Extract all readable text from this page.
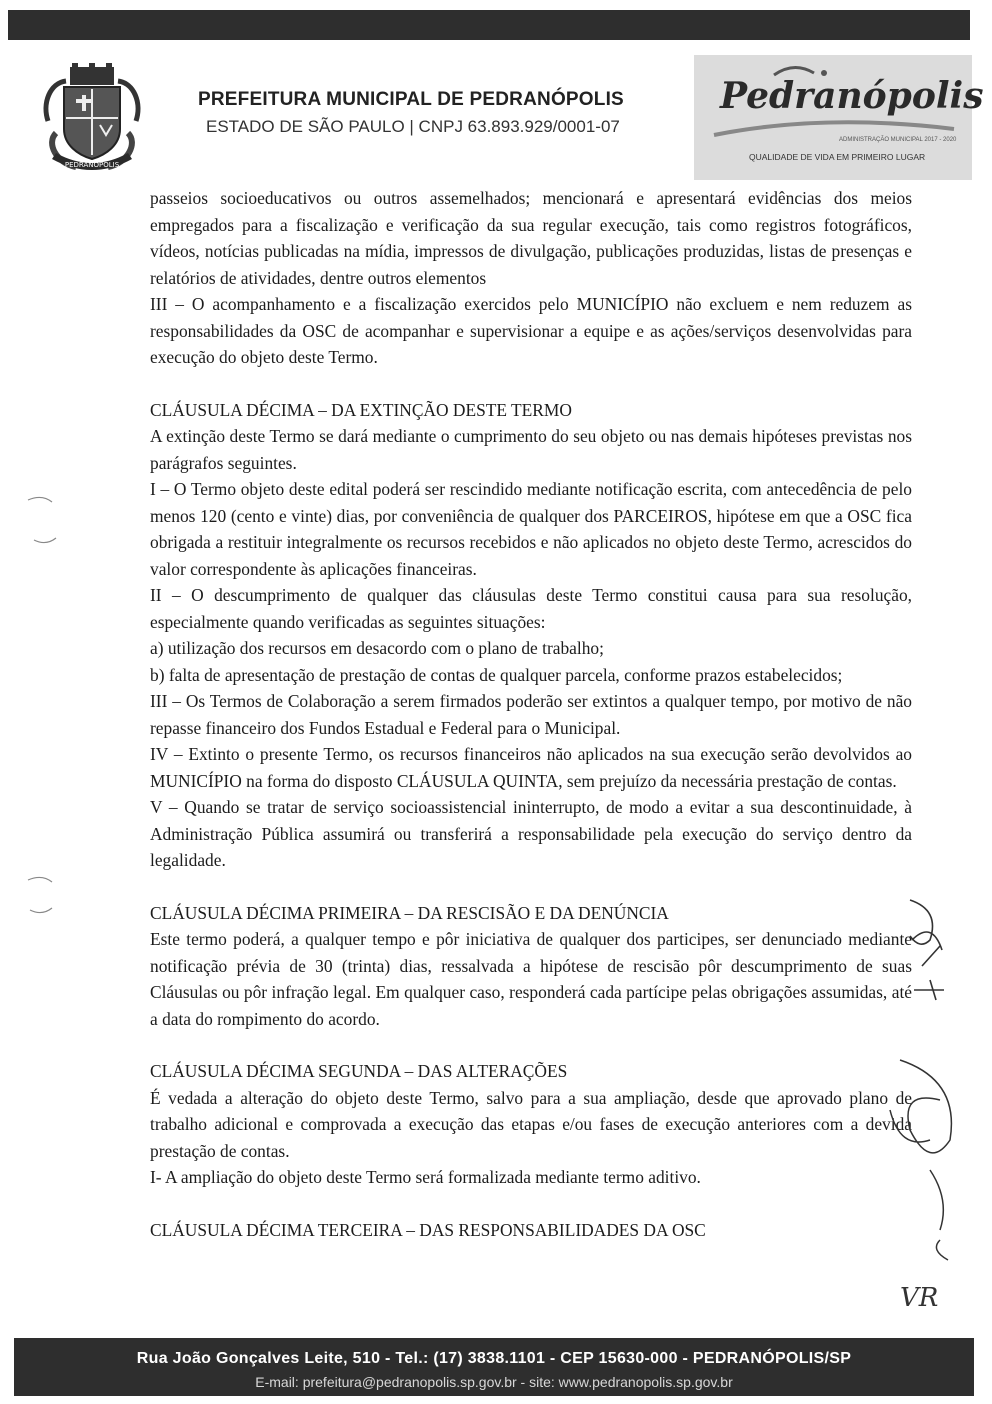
PEDRANÓPOLIS
PREFEITURA MUNICIPAL DE PEDRANÓPOLIS
ESTADO DE SÃO PAULO | CNPJ 63.893.929/0001-07
Pedranópolis
ADMINISTRAÇÃO MUNICIPAL 2017 - 2020
QUALIDADE DE VIDA EM PRIMEIRO LUGAR

passeios socioeducativos ou outros assemelhados; mencionará e apresentará evidências dos meios empregados para a fiscalização e verificação da sua regular execução, tais como registros fotográficos, vídeos, notícias publicadas na mídia, impressos de divulgação, publicações produzidas, listas de presenças e relatórios de atividades, dentre outros elementos

III – O acompanhamento e a fiscalização exercidos pelo MUNICÍPIO não excluem e nem reduzem as responsabilidades da OSC de acompanhar e supervisionar a equipe e as ações/serviços desenvolvidas para execução do objeto deste Termo.

CLÁUSULA DÉCIMA – DA EXTINÇÃO DESTE TERMO

A extinção deste Termo se dará mediante o cumprimento do seu objeto ou nas demais hipóteses previstas nos parágrafos seguintes.

I – O Termo objeto deste edital poderá ser rescindido mediante notificação escrita, com antecedência de pelo menos 120 (cento e vinte) dias, por conveniência de qualquer dos PARCEIROS, hipótese em que a OSC fica obrigada a restituir integralmente os recursos recebidos e não aplicados no objeto deste Termo, acrescidos do valor correspondente às aplicações financeiras.

II – O descumprimento de qualquer das cláusulas deste Termo constitui causa para sua resolução, especialmente quando verificadas as seguintes situações:

a) utilização dos recursos em desacordo com o plano de trabalho;

b) falta de apresentação de prestação de contas de qualquer parcela, conforme prazos estabelecidos;

III – Os Termos de Colaboração a serem firmados poderão ser extintos a qualquer tempo, por motivo de não repasse financeiro dos Fundos Estadual e Federal para o Municipal.

IV – Extinto o presente Termo, os recursos financeiros não aplicados na sua execução serão devolvidos ao MUNICÍPIO na forma do disposto CLÁUSULA QUINTA, sem prejuízo da necessária prestação de contas.

V – Quando se tratar de serviço socioassistencial ininterrupto, de modo a evitar a sua descontinuidade, à Administração Pública assumirá ou transferirá a responsabilidade pela execução do serviço dentro da legalidade.

CLÁUSULA DÉCIMA PRIMEIRA – DA RESCISÃO E DA DENÚNCIA

Este termo poderá, a qualquer tempo e pôr iniciativa de qualquer dos participes, ser denunciado mediante notificação prévia de 30 (trinta) dias, ressalvada a hipótese de rescisão pôr descumprimento de suas Cláusulas ou pôr infração legal. Em qualquer caso, responderá cada partícipe pelas obrigações assumidas, até a data do rompimento do acordo.

CLÁUSULA DÉCIMA SEGUNDA – DAS ALTERAÇÕES

É vedada a alteração do objeto deste Termo, salvo para a sua ampliação, desde que aprovado plano de trabalho adicional e comprovada a execução das etapas e/ou fases de execução anteriores com a devida prestação de contas.

I- A ampliação do objeto deste Termo será formalizada mediante termo aditivo.

CLÁUSULA DÉCIMA TERCEIRA – DAS RESPONSABILIDADES DA OSC
VR
Rua João Gonçalves Leite, 510 - Tel.: (17) 3838.1101 - CEP 15630-000 - PEDRANÓPOLIS/SP
E-mail: prefeitura@pedranopolis.sp.gov.br - site: www.pedranopolis.sp.gov.br
